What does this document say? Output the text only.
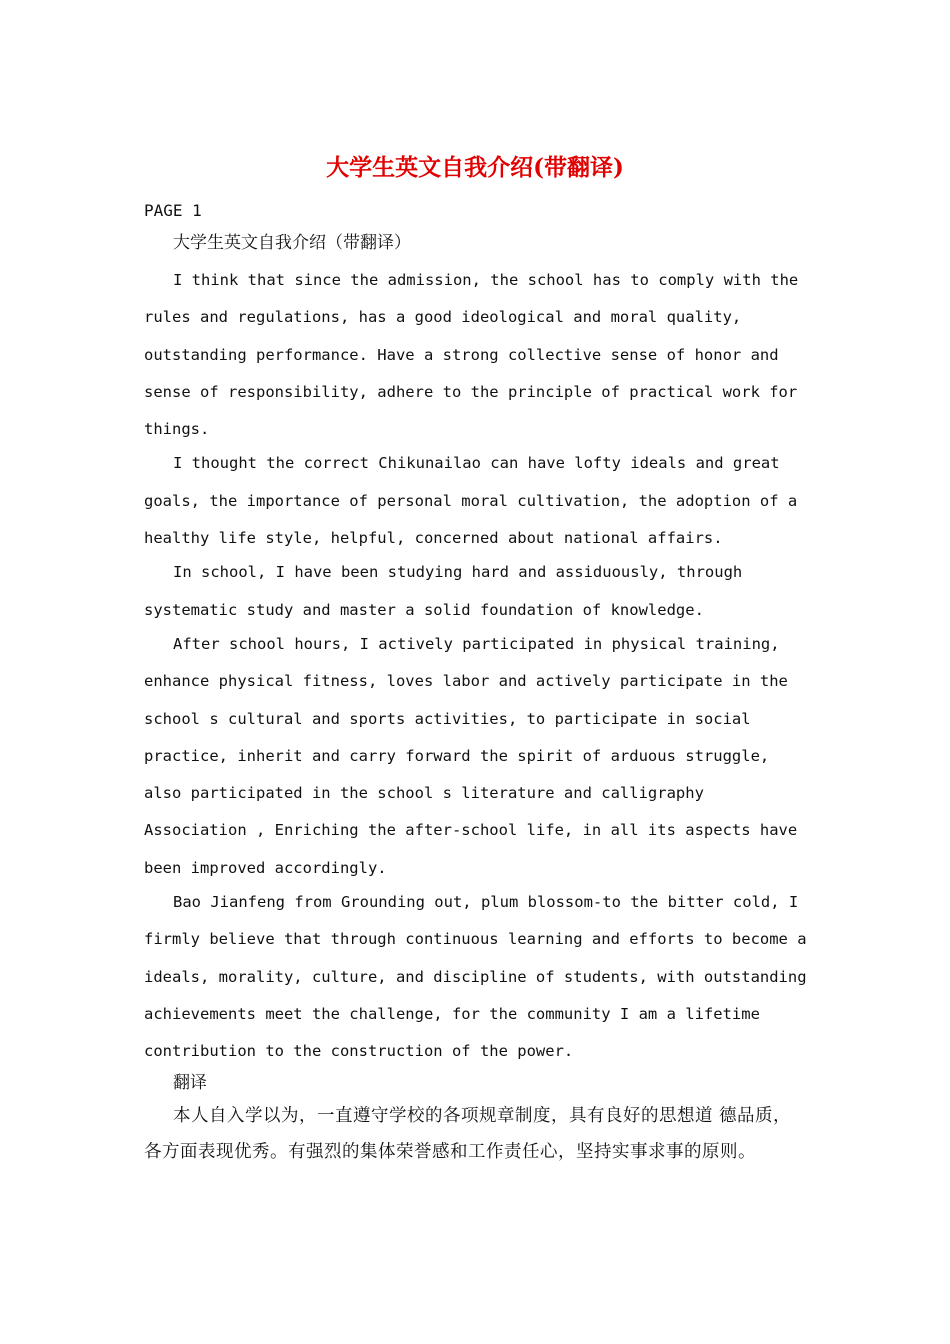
大学生英文自我介绍(带翻译)
PAGE 1
大学生英文自我介绍（带翻译）

I think that since the admission, the school has to comply with the rules and regulations, has a good ideological and moral quality, outstanding performance. Have a strong collective sense of honor and sense of responsibility, adhere to the principle of practical work for things.

I thought the correct Chikunailao can have lofty ideals and great goals, the importance of personal moral cultivation, the adoption of a healthy life style, helpful, concerned about national affairs.

In school, I have been studying hard and assiduously, through systematic study and master a solid foundation of knowledge.

After school hours, I actively participated in physical training, enhance physical fitness, loves labor and actively participate in the school s cultural and sports activities, to participate in social practice, inherit and carry forward the spirit of arduous struggle, also participated in the school s literature and calligraphy Association , Enriching the after-school life, in all its aspects have been improved accordingly.

Bao Jianfeng from Grounding out, plum blossom-to the bitter cold, I firmly believe that through continuous learning and efforts to become a ideals, morality, culture, and discipline of students, with outstanding achievements meet the challenge, for the community I am a lifetime contribution to the construction of the power.

翻译

本人自入学以为，一直遵守学校的各项规章制度，具有良好的思想道 德品质，各方面表现优秀。有强烈的集体荣誉感和工作责任心，坚持实事求事的原则。
